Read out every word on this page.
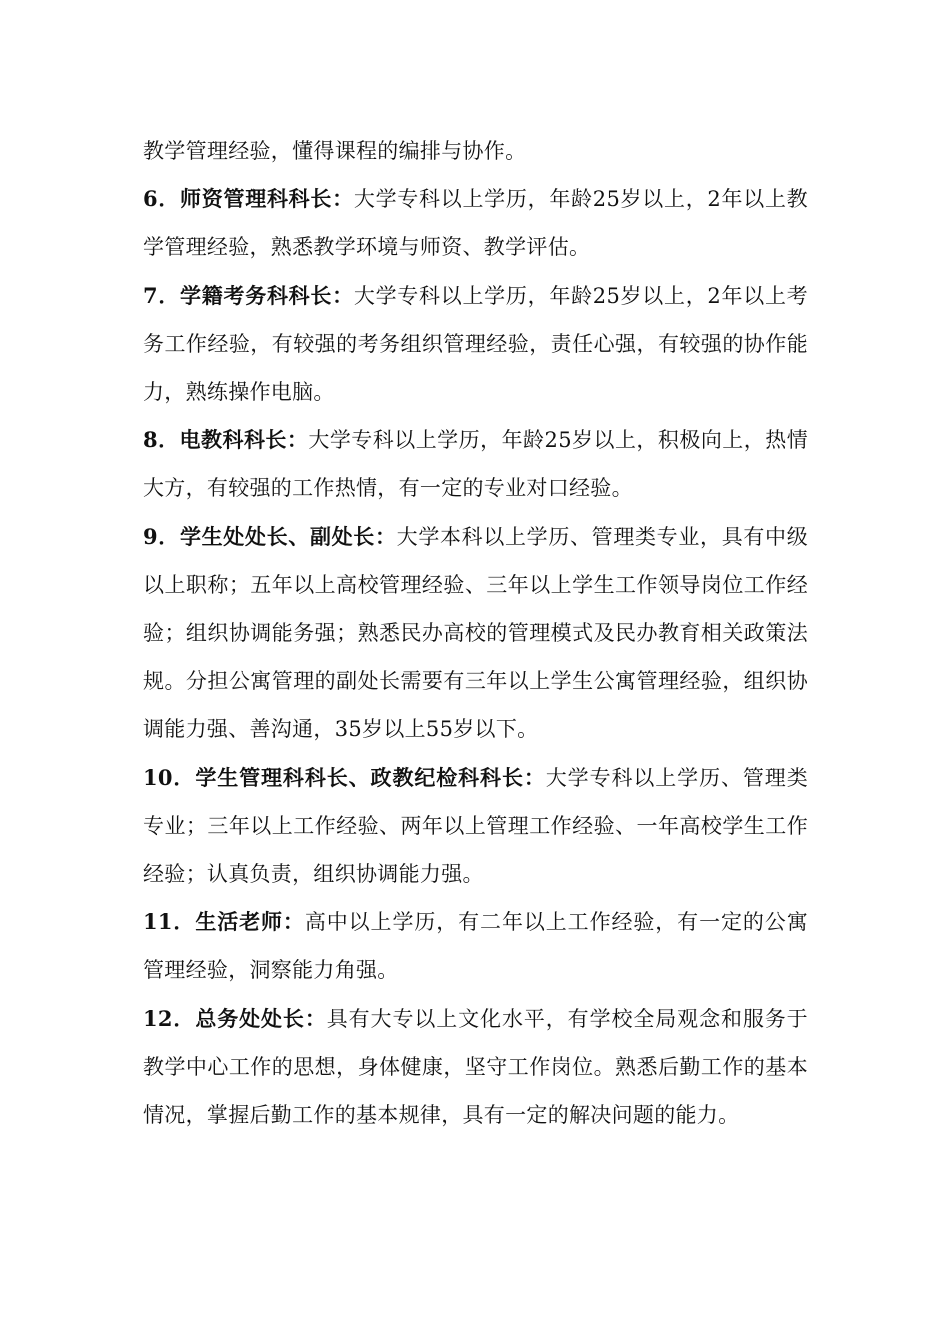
教学管理经验，懂得课程的编排与协作。

6．师资管理科科长：大学专科以上学历，年龄25岁以上，2年以上教学管理经验，熟悉教学环境与师资、教学评估。

7．学籍考务科科长：大学专科以上学历，年龄25岁以上，2年以上考务工作经验，有较强的考务组织管理经验，责任心强，有较强的协作能力，熟练操作电脑。

8．电教科科长：大学专科以上学历，年龄25岁以上，积极向上，热情大方，有较强的工作热情，有一定的专业对口经验。

9．学生处处长、副处长：大学本科以上学历、管理类专业，具有中级以上职称；五年以上高校管理经验、三年以上学生工作领导岗位工作经验；组织协调能务强；熟悉民办高校的管理模式及民办教育相关政策法规。分担公寓管理的副处长需要有三年以上学生公寓管理经验，组织协调能力强、善沟通，35岁以上55岁以下。

10．学生管理科科长、政教纪检科科长：大学专科以上学历、管理类专业；三年以上工作经验、两年以上管理工作经验、一年高校学生工作经验；认真负责，组织协调能力强。

11．生活老师：高中以上学历，有二年以上工作经验，有一定的公寓管理经验，洞察能力角强。

12．总务处处长：具有大专以上文化水平，有学校全局观念和服务于教学中心工作的思想，身体健康，坚守工作岗位。熟悉后勤工作的基本情况，掌握后勤工作的基本规律，具有一定的解决问题的能力。
